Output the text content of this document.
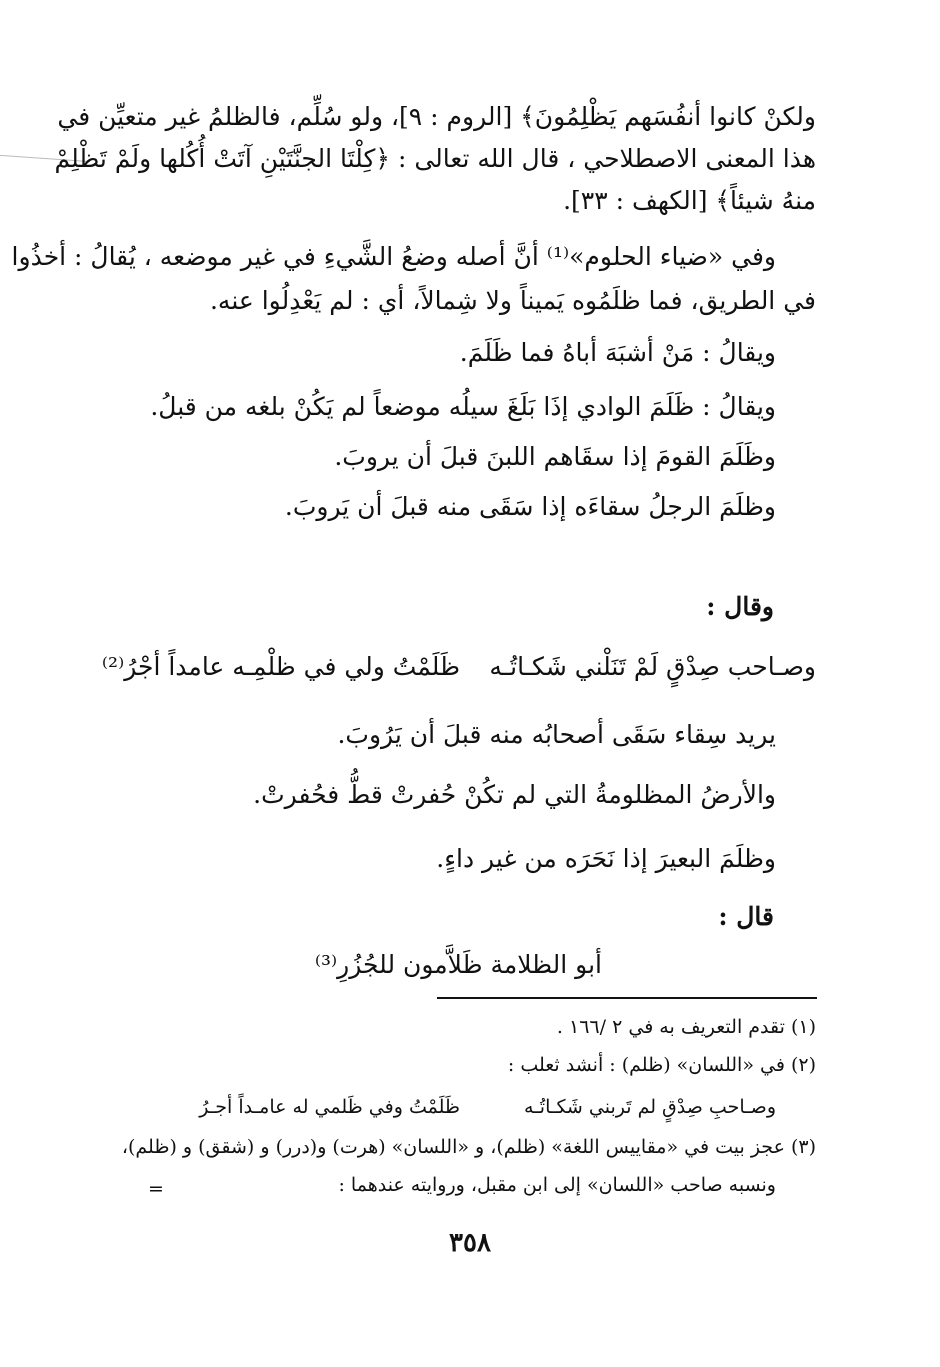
ولكنْ كانوا أنفُسَهم يَظْلِمُونَ﴾ [الروم : ٩]، ولو سُلِّم، فالظلمُ غير متعيِّن في
هذا المعنى الاصطلاحي ، قال الله تعالى : ﴿كِلْتَا الجنَّتَيْنِ آتَتْ أُكُلها ولَمْ تَظْلِمْ
منهُ شيئاً﴾ [الكهف : ٣٣].
وفي «ضياء الحلوم»⁽¹⁾ أنَّ أصله وضعُ الشَّيءِ في غير موضعه ، يُقالُ : أخذُوا
في الطريق، فما ظلَمُوه يَميناً ولا شِمالاً، أي : لم يَعْدِلُوا عنه.
ويقالُ : مَنْ أشبَهَ أباهُ فما ظَلَمَ.
ويقالُ : ظَلَمَ الوادي إذَا بَلَغَ سيلُه موضعاً لم يَكُنْ بلغه من قبلُ.
وظَلَمَ القومَ إذا سقَاهم اللبنَ قبلَ أن يروبَ.
وظلَمَ الرجلُ سقاءَه إذا سَقَى منه قبلَ أن يَروبَ.
وقال :
وصـاحب صِدْقٍ لَمْ تَنَلْني شَكـاتُـه
ظَلَمْتُ ولي في ظلْمِـه عامداً أجْرُ⁽²⁾
يريد سِقاء سَقَى أصحابُه منه قبلَ أن يَرُوبَ.
والأرضُ المظلومةُ التي لم تكُنْ حُفرتْ قطُّ فحُفرتْ.
وظلَمَ البعيرَ إذا نَحَرَه من غير داءٍ.
قال :
أبو الظلامة ظَلاَّمون للجُزُرِ⁽³⁾
(١) تقدم التعريف به في ٢ /١٦٦ .
(٢) في «اللسان» (ظلم) : أنشد ثعلب :
وصـاحبِ صِدْقٍ لم تَربني شَكـاتُـه
ظَلَمْتُ وفي ظَلمي له عامـداً أجـرُ
(٣) عجز بيت في «مقاييس اللغة» (ظلم)، و «اللسان» (هرت) و(درر) و (شقق) و (ظلم)،
ونسبه صاحب «اللسان» إلى ابن مقبل، وروايته عندهما :
=
٣٥٨
